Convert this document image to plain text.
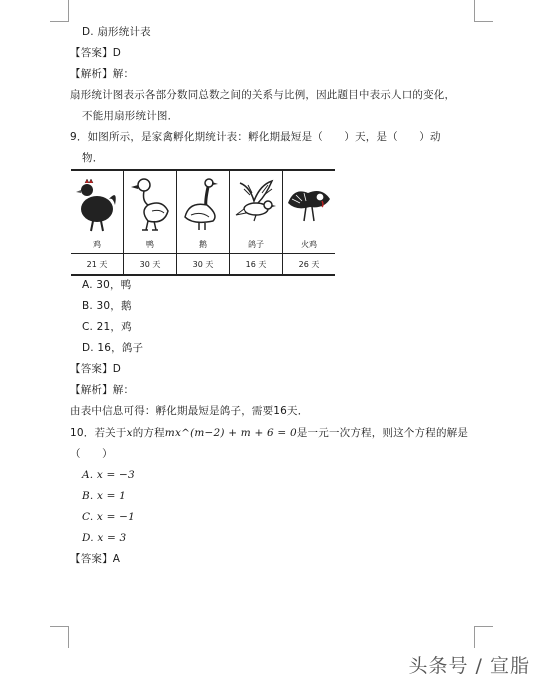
D. 扇形统计表
【答案】D
【解析】解：
扇形统计图表示各部分数同总数之间的关系与比例，因此题目中表示人口的变化，
不能用扇形统计图．
9．如图所示，是家禽孵化期统计表：孵化期最短是（　　）天，是（　　）动
物．
鸡
21 天
鸭
30 天
鹅
30 天
鸽子
16 天
火鸡
26 天
A. 30，鸭
B. 30，鹅
C. 21，鸡
D. 16，鸽子
【答案】D
【解析】解：
由表中信息可得：孵化期最短是鸽子，需要16天．
10．若关于x的方程mx^(m−2) + m + 6 = 0是一元一次方程，则这个方程的解是
（　　）
A. x = −3
B. x = 1
C. x = −1
D. x = 3
【答案】A
头条号 / 宣脂
